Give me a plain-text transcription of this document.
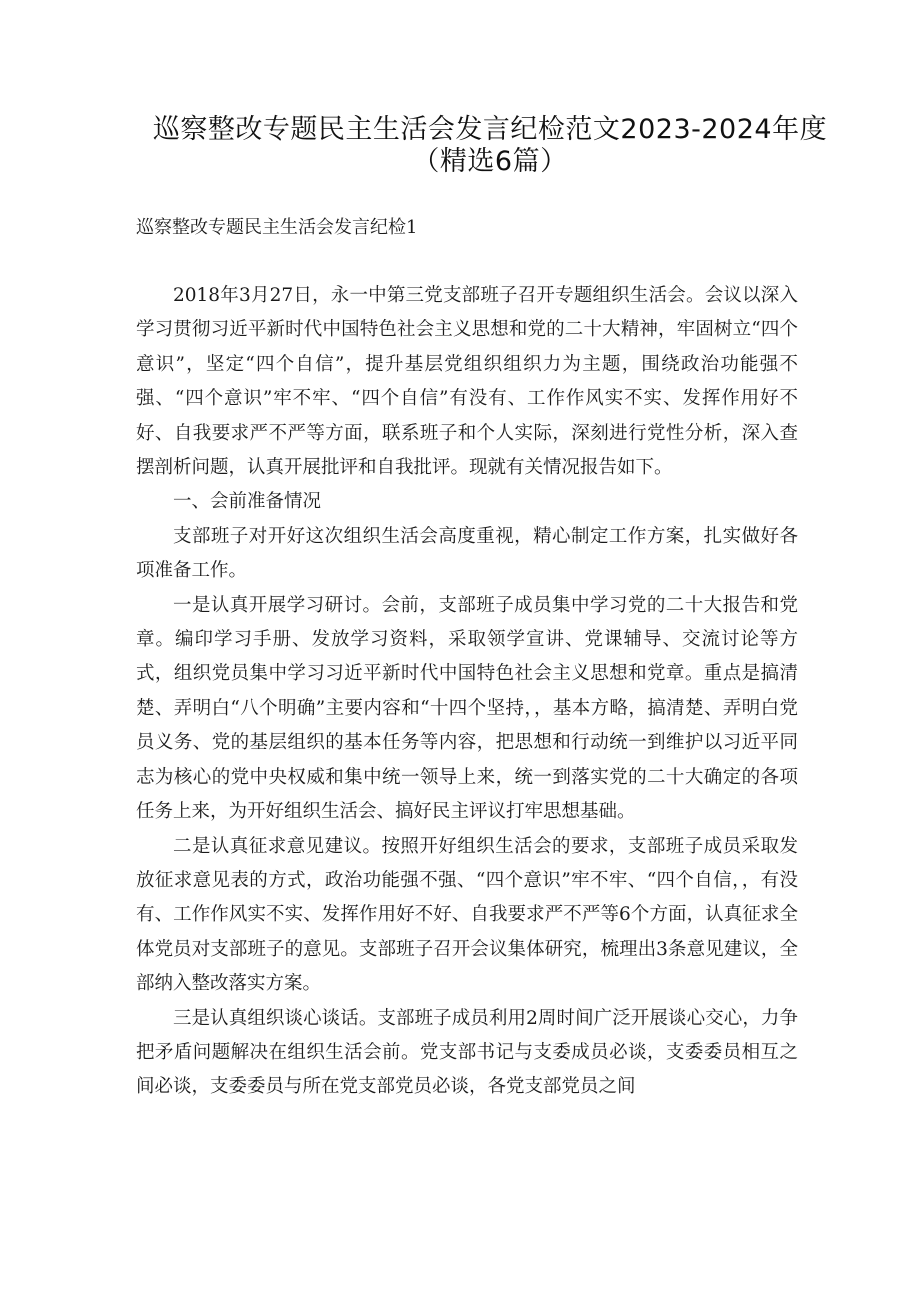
巡察整改专题民主生活会发言纪检范文2023-2024年度
（精选6篇）
巡察整改专题民主生活会发言纪检1

2018年3月27日，永一中第三党支部班子召开专题组织生活会。会议以深入学习贯彻习近平新时代中国特色社会主义思想和党的二十大精神，牢固树立“四个意识”，坚定“四个自信”，提升基层党组织组织力为主题，围绕政治功能强不强、“四个意识”牢不牢、“四个自信”有没有、工作作风实不实、发挥作用好不好、自我要求严不严等方面，联系班子和个人实际，深刻进行党性分析，深入查摆剖析问题，认真开展批评和自我批评。现就有关情况报告如下。

一、会前准备情况

支部班子对开好这次组织生活会高度重视，精心制定工作方案，扎实做好各项准备工作。

一是认真开展学习研讨。会前，支部班子成员集中学习党的二十大报告和党章。编印学习手册、发放学习资料，采取领学宣讲、党课辅导、交流讨论等方式，组织党员集中学习习近平新时代中国特色社会主义思想和党章。重点是搞清楚、弄明白“八个明确”主要内容和“十四个坚持，，基本方略，搞清楚、弄明白党员义务、党的基层组织的基本任务等内容，把思想和行动统一到维护以习近平同志为核心的党中央权威和集中统一领导上来，统一到落实党的二十大确定的各项任务上来，为开好组织生活会、搞好民主评议打牢思想基础。

二是认真征求意见建议。按照开好组织生活会的要求，支部班子成员采取发放征求意见表的方式，政治功能强不强、“四个意识”牢不牢、“四个自信，，有没有、工作作风实不实、发挥作用好不好、自我要求严不严等6个方面，认真征求全体党员对支部班子的意见。支部班子召开会议集体研究，梳理出3条意见建议，全部纳入整改落实方案。

三是认真组织谈心谈话。支部班子成员利用2周时间广泛开展谈心交心，力争把矛盾问题解决在组织生活会前。党支部书记与支委成员必谈，支委委员相互之间必谈，支委委员与所在党支部党员必谈，各党支部党员之间
